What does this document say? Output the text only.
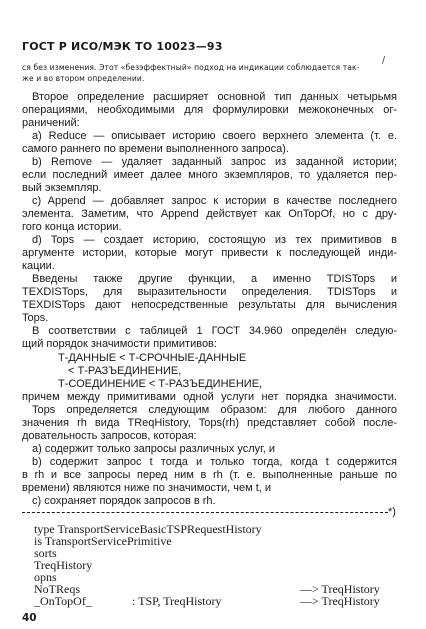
ГОСТ Р ИСО/МЭК ТО 10023—93
/
ся без изменения. Этот «безэффектный» подход на индикации соблюдается так-
же и во втором определении.
Второе определение расширяет основной тип данных четырьмя
операциями, необходимыми для формулировки межоконечных ог-
раничений:
а) Reduce — описывает историю своего верхнего элемента (т. е.
самого раннего по времени выполненного запроса).
b) Remove — удаляет заданный запрос из заданной истории;
если последний имеет далее много экземпляров, то удаляется пер-
вый экземпляр.
c) Append — добавляет запрос к истории в качестве последнего
элемента. Заметим, что Append действует как OnTopOf, но с дру-
гого конца истории.
d) Tops — создает историю, состоящую из тех примитивов в
аргументе истории, которые могут привести к последующей инди-
кации.
Введены также другие функции, а именно TDISTops и
TEXDISTops, для выразительности определения. TDISTops и
TEXDISTops дают непосредственные результаты для вычисления
Tops.
В соответствии с таблицей 1 ГОСТ 34.960 определён следую-
щий порядок значимости примитивов:
Т-ДАННЫЕ < Т-СРОЧНЫЕ-ДАННЫЕ
< Т-РАЗЪЕДИНЕНИЕ,
Т-СОЕДИНЕНИЕ < Т-РАЗЪЕДИНЕНИЕ,
причем между примитивами одной услуги нет порядка значимости.
Tops определяется следующим образом: для любого данного
значения rh вида TReqHistory, Tops(rh) представляет собой после-
довательность запросов, которая:
a) содержит только запросы различных услуг, и
b) содержит запрос t тогда и только тогда, когда t содержится
в rh и все запросы перед ним в rh (т. е. выполненные раньше по
времени) являются ниже по значимости, чем t, и
c) сохраняет порядок запросов в rh.
*)
type TransportServiceBasicTSPRequestHistory
is TransportServicePrimitive
sorts
TreqHistory
opns
NoTReqs
_OnTopOf_	: TSP, TreqHistory
—> TreqHistory
—> TreqHistory
40
